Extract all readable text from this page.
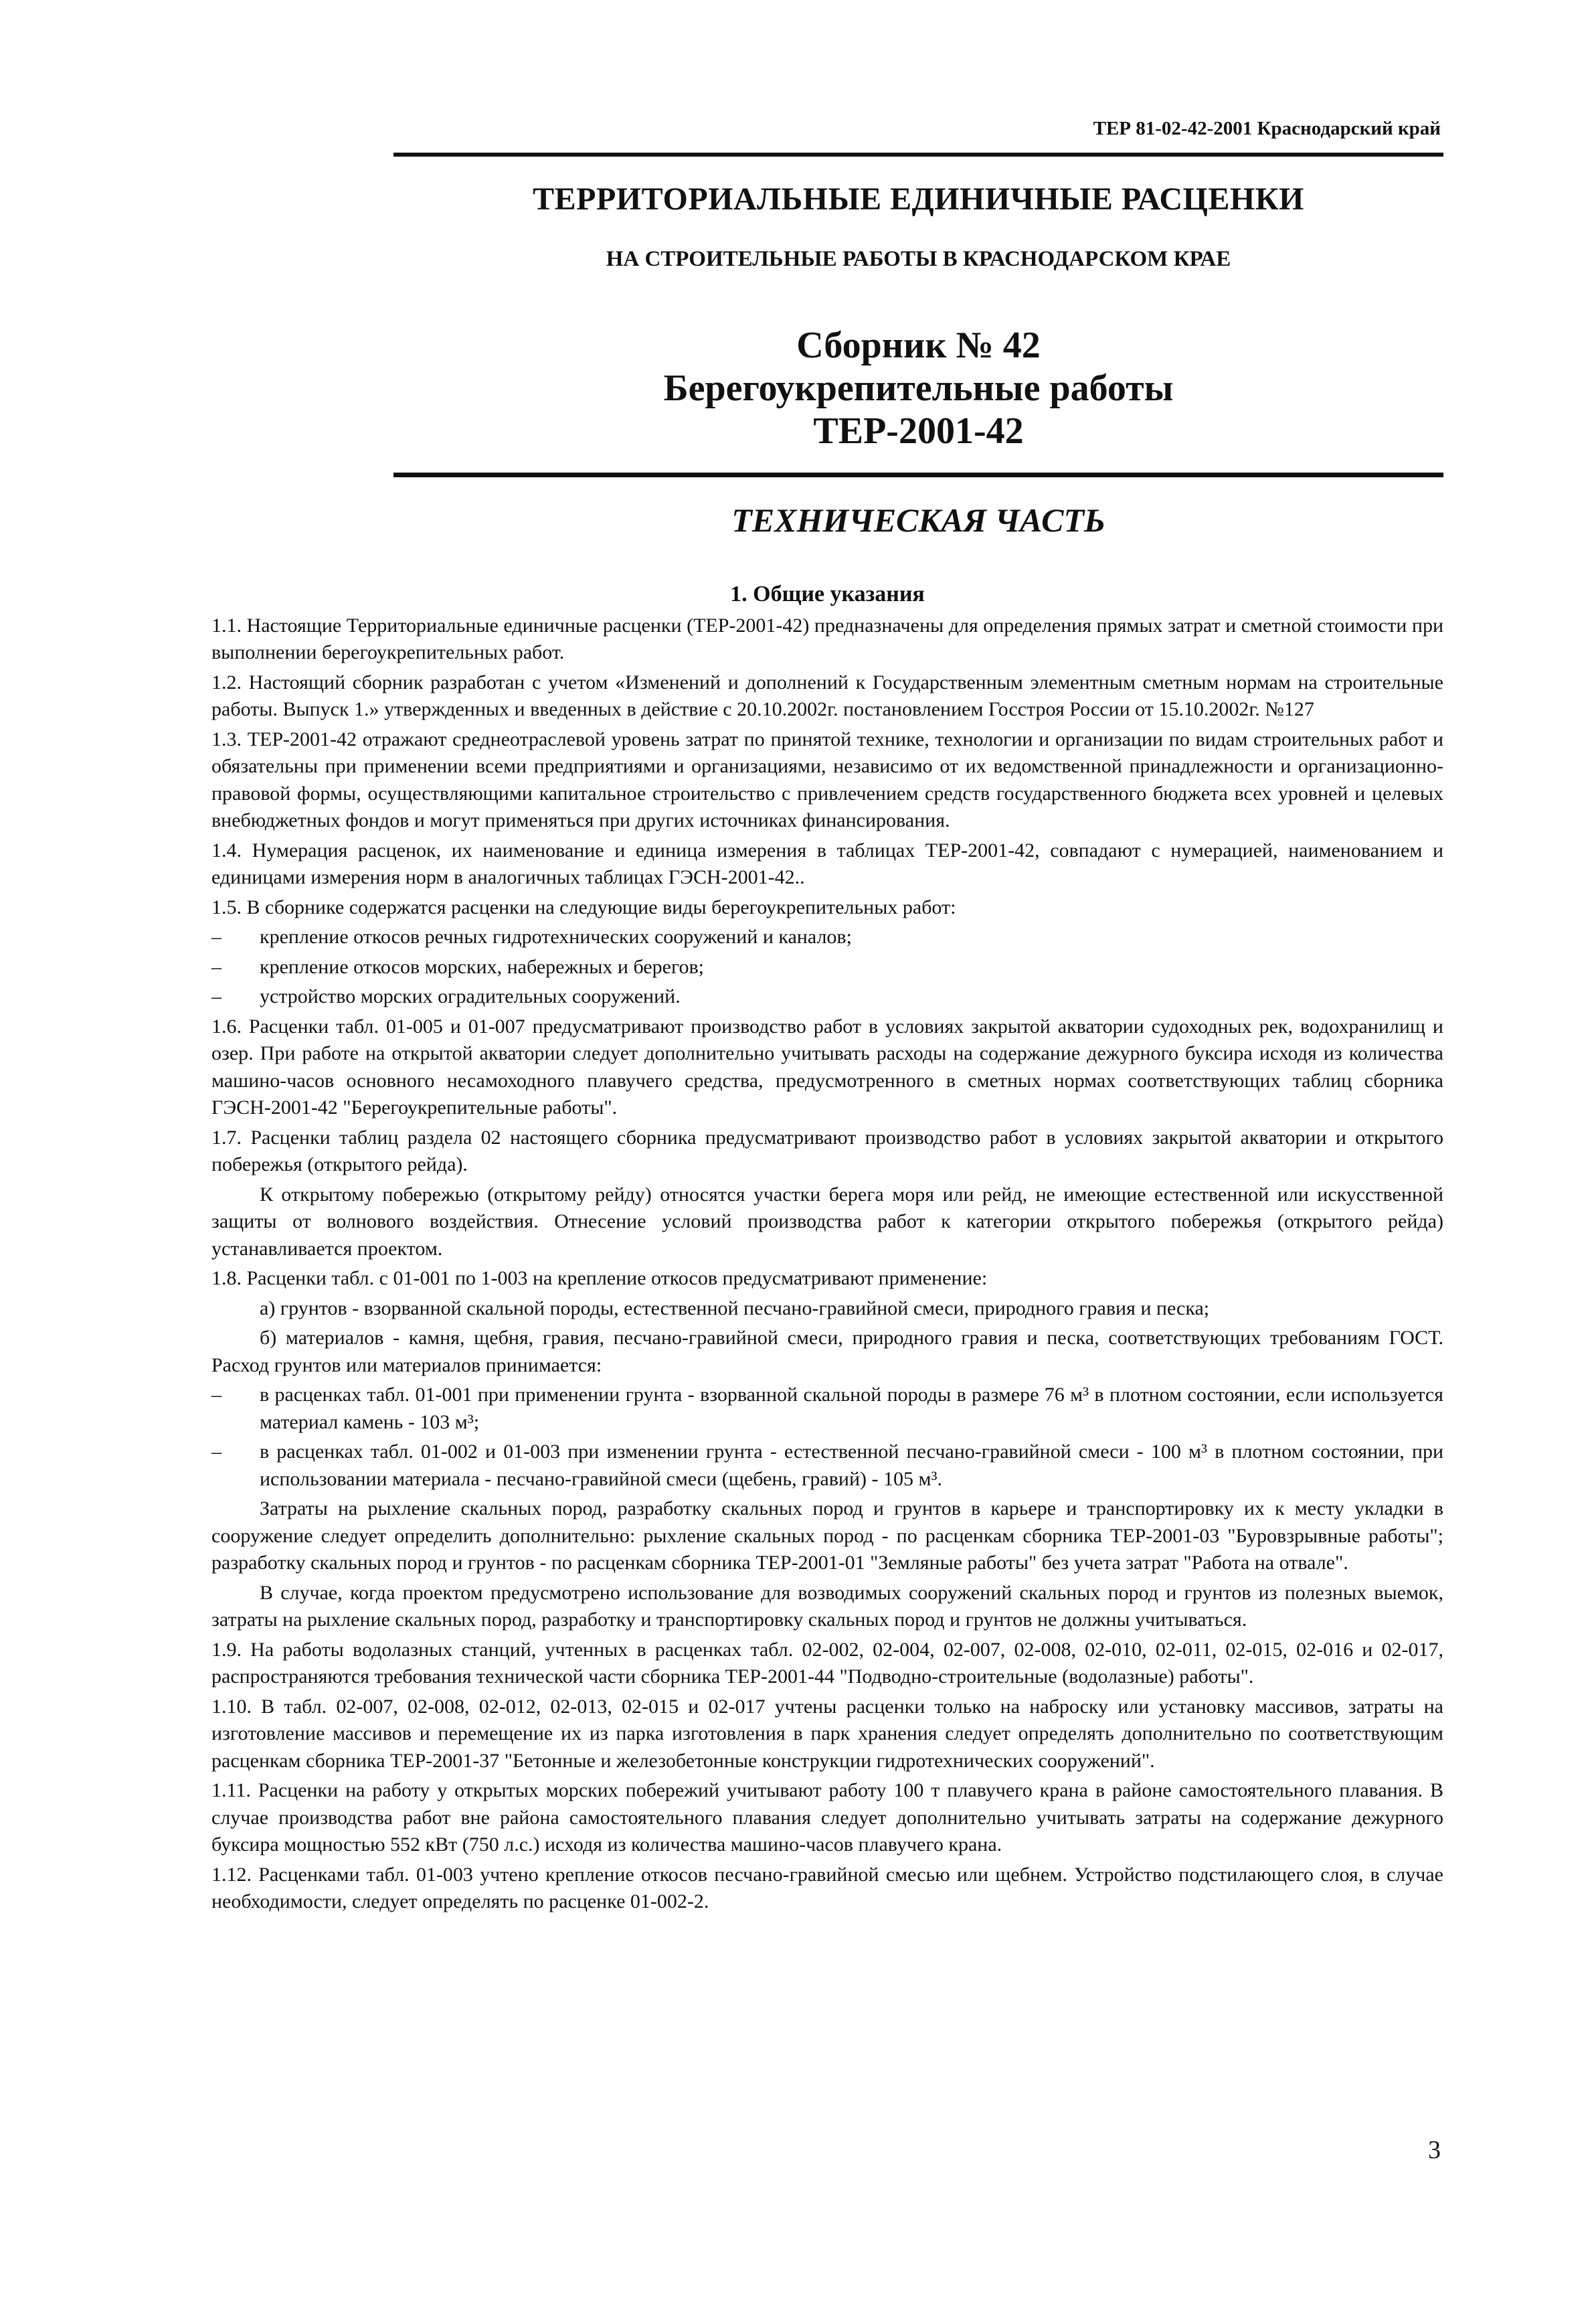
ТЕР 81-02-42-2001 Краснодарский край
ТЕРРИТОРИАЛЬНЫЕ ЕДИНИЧНЫЕ РАСЦЕНКИ
НА СТРОИТЕЛЬНЫЕ РАБОТЫ В КРАСНОДАРСКОМ КРАЕ
Сборник № 42
Берегоукрепительные работы
ТЕР-2001-42
ТЕХНИЧЕСКАЯ ЧАСТЬ
1. Общие указания

1.1. Настоящие Территориальные единичные расценки (ТЕР-2001-42) предназначены для определения прямых затрат и сметной стоимости при выполнении берегоукрепительных работ.

1.2. Настоящий сборник разработан с учетом «Изменений и дополнений к Государственным элементным сметным нормам на строительные работы. Выпуск 1.» утвержденных и введенных в действие с 20.10.2002г. постановлением Госстроя России от 15.10.2002г. №127

1.3. ТЕР-2001-42 отражают среднеотраслевой уровень затрат по принятой технике, технологии и организации по видам строительных работ и обязательны при применении всеми предприятиями и организациями, независимо от их ведомственной принадлежности и организационно-правовой формы, осуществляющими капитальное строительство с привлечением средств государственного бюджета всех уровней и целевых внебюджетных фондов и могут применяться при других источниках финансирования.

1.4. Нумерация расценок, их наименование и единица измерения в таблицах ТЕР-2001-42, совпадают с нумерацией, наименованием и единицами измерения норм в аналогичных таблицах ГЭСН-2001-42..

1.5. В сборнике содержатся расценки на следующие виды берегоукрепительных работ:

– крепление откосов речных гидротехнических сооружений и каналов;

– крепление откосов морских, набережных и берегов;

– устройство морских оградительных сооружений.

1.6. Расценки табл. 01-005 и 01-007 предусматривают производство работ в условиях закрытой акватории судоходных рек, водохранилищ и озер. При работе на открытой акватории следует дополнительно учитывать расходы на содержание дежурного буксира исходя из количества машино-часов основного несамоходного плавучего средства, предусмотренного в сметных нормах соответствующих таблиц сборника ГЭСН-2001-42 "Берегоукрепительные работы".

1.7. Расценки таблиц раздела 02 настоящего сборника предусматривают производство работ в условиях закрытой акватории и открытого побережья (открытого рейда).

К открытому побережью (открытому рейду) относятся участки берега моря или рейд, не имеющие естественной или искусственной защиты от волнового воздействия. Отнесение условий производства работ к категории открытого побережья (открытого рейда) устанавливается проектом.

1.8. Расценки табл. с 01-001 по 1-003 на крепление откосов предусматривают применение:

а) грунтов - взорванной скальной породы, естественной песчано-гравийной смеси, природного гравия и песка;

б) материалов - камня, щебня, гравия, песчано-гравийной смеси, природного гравия и песка, соответствующих требованиям ГОСТ. Расход грунтов или материалов принимается:

– в расценках табл. 01-001 при применении грунта - взорванной скальной породы в размере 76 м³ в плотном состоянии, если используется материал камень - 103 м³;

– в расценках табл. 01-002 и 01-003 при изменении грунта - естественной песчано-гравийной смеси - 100 м³ в плотном состоянии, при использовании материала - песчано-гравийной смеси (щебень, гравий) - 105 м³.

Затраты на рыхление скальных пород, разработку скальных пород и грунтов в карьере и транспортировку их к месту укладки в сооружение следует определить дополнительно: рыхление скальных пород - по расценкам сборника ТЕР-2001-03 "Буровзрывные работы"; разработку скальных пород и грунтов - по расценкам сборника ТЕР-2001-01 "Земляные работы" без учета затрат "Работа на отвале".

В случае, когда проектом предусмотрено использование для возводимых сооружений скальных пород и грунтов из полезных выемок, затраты на рыхление скальных пород, разработку и транспортировку скальных пород и грунтов не должны учитываться.

1.9. На работы водолазных станций, учтенных в расценках табл. 02-002, 02-004, 02-007, 02-008, 02-010, 02-011, 02-015, 02-016 и 02-017, распространяются требования технической части сборника ТЕР-2001-44 "Подводно-строительные (водолазные) работы".

1.10. В табл. 02-007, 02-008, 02-012, 02-013, 02-015 и 02-017 учтены расценки только на наброску или установку массивов, затраты на изготовление массивов и перемещение их из парка изготовления в парк хранения следует определять дополнительно по соответствующим расценкам сборника ТЕР-2001-37 "Бетонные и железобетонные конструкции гидротехнических сооружений".

1.11. Расценки на работу у открытых морских побережий учитывают работу 100 т плавучего крана в районе самостоятельного плавания. В случае производства работ вне района самостоятельного плавания следует дополнительно учитывать затраты на содержание дежурного буксира мощностью 552 кВт (750 л.с.) исходя из количества машино-часов плавучего крана.

1.12. Расценками табл. 01-003 учтено крепление откосов песчано-гравийной смесью или щебнем. Устройство подстилающего слоя, в случае необходимости, следует определять по расценке 01-002-2.

3
